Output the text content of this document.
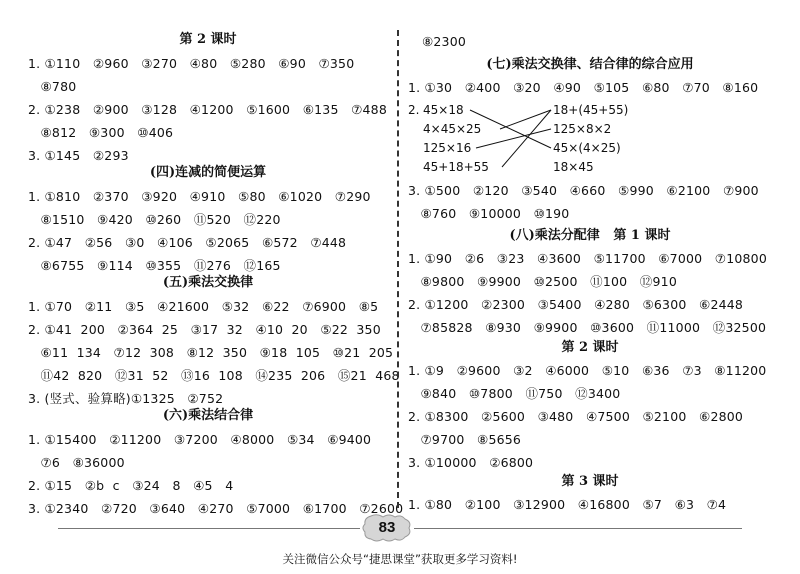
第 2 课时
1. ①110   ②960   ③270   ④80   ⑤280   ⑥90   ⑦350
⑧780
2. ①238   ②900   ③128   ④1200   ⑤1600   ⑥135   ⑦488
⑧812   ⑨300   ⑩406
3. ①145   ②293
(四)连减的简便运算
1. ①810   ②370   ③920   ④910   ⑤80   ⑥1020   ⑦290
⑧1510   ⑨420   ⑩260   ⑪520   ⑫220
2. ①47   ②56   ③0   ④106   ⑤2065   ⑥572   ⑦448
⑧6755   ⑨114   ⑩355   ⑪276   ⑫165
(五)乘法交换律
1. ①70   ②11   ③5   ④21600   ⑤32   ⑥22   ⑦6900   ⑧5
2. ①41  200   ②364  25   ③17  32   ④10  20   ⑤22  350
⑥11  134   ⑦12  308   ⑧12  350   ⑨18  105   ⑩21  205
⑪42  820   ⑫31  52   ⑬16  108   ⑭235  206   ⑮21  468
3. (竖式、验算略)①1325   ②752
(六)乘法结合律
1. ①15400   ②11200   ③7200   ④8000   ⑤34   ⑥9400
⑦6   ⑧36000
2. ①15   ②b  c   ③24   8   ④5   4
3. ①2340   ②720   ③640   ④270   ⑤7000   ⑥1700   ⑦2600
⑧2300
(七)乘法交换律、结合律的综合应用
1. ①30   ②400   ③20   ④90   ⑤105   ⑥80   ⑦70   ⑧160
2. 45×18
4×45×25
125×16
45+18+55
18+(45+55)
125×8×2
45×(4×25)
18×45
3. ①500   ②120   ③540   ④660   ⑤990   ⑥2100   ⑦900
⑧760   ⑨10000   ⑩190
(八)乘法分配律   第 1 课时
1. ①90   ②6   ③23   ④3600   ⑤11700   ⑥7000   ⑦10800
⑧9800   ⑨9900   ⑩2500   ⑪100   ⑫910
2. ①1200   ②2300   ③5400   ④280   ⑤6300   ⑥2448
⑦85828   ⑧930   ⑨9900   ⑩3600   ⑪11000   ⑫32500
第 2 课时
1. ①9   ②9600   ③2   ④6000   ⑤10   ⑥36   ⑦3   ⑧11200
⑨840   ⑩7800   ⑪750   ⑫3400
2. ①8300   ②5600   ③480   ④7500   ⑤2100   ⑥2800
⑦9700   ⑧5656
3. ①10000   ②6800
第 3 课时
1. ①80   ②100   ③12900   ④16800   ⑤7   ⑥3   ⑦4
83
关注微信公众号“捷思课堂”获取更多学习资料!
